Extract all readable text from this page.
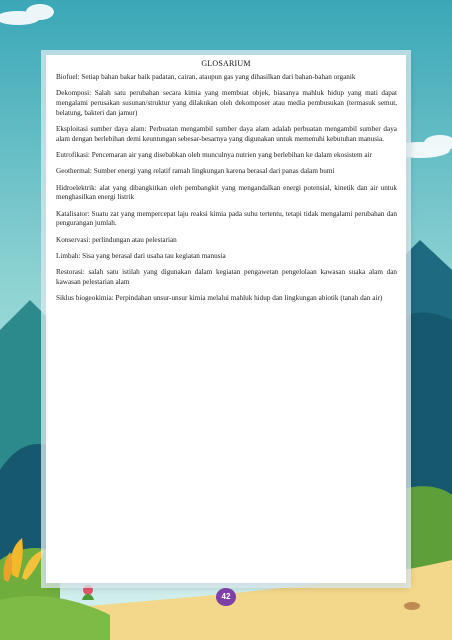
GLOSARIUM

Biofuel: Setiap bahan bakar baik padatan, cairan, ataupun gas yang dihasilkan dari bahan-bahan organik

Dekomposi: Salah satu perubahan secara kimia yang membuat objek, biasanya mahluk hidup yang mati dapat mengalami perusakan susunan/struktur yang dilakukan oleh dekomposer atau media pembusukan (termasuk semut, belatung, bakteri dan jamur)

Eksploitasi sumber daya alam: Perbuatan mengambil sumber daya alam adalah perbuatan mengambil sumber daya alam dengan berlebihan demi keuntungan sebesar-besarnya yang digunakan untuk memenuhi kebutuhan manusia.

Eutrofikasi: Pencemaran air yang disebabkan oleh munculnya nutrien yang berlebihan ke dalam ekosistem air

Geothermal: Sumber energi yang relatif ramah lingkungan karena berasal dari panas dalam bumi

Hidroelektrik: alat yang dibangkitkan oleh pembangkit yang mengandalkan energi potensial, kinetik dan air untuk menghasilkan energi listrik

Katalisator: Suatu zat yang mempercepat laju reaksi kimia pada suhu tertentu, tetapi tidak mengalami perubahan dan pengurangan jumlah.

Konservasi: perlindungan atau pelestarian

Limbah: Sisa yang berasal dari usaha tau kegiatan manusia

Restorasi: salah satu istilah yang digunakan dalam kegiatan pengawetan pengelolaan kawasan suaka alam dan kawasan pelestarian alam

Siklus biogeokimia: Perpindahan unsur-unsur kimia melalui mahluk hidup dan lingkungan abiotik (tanah dan air)

42
